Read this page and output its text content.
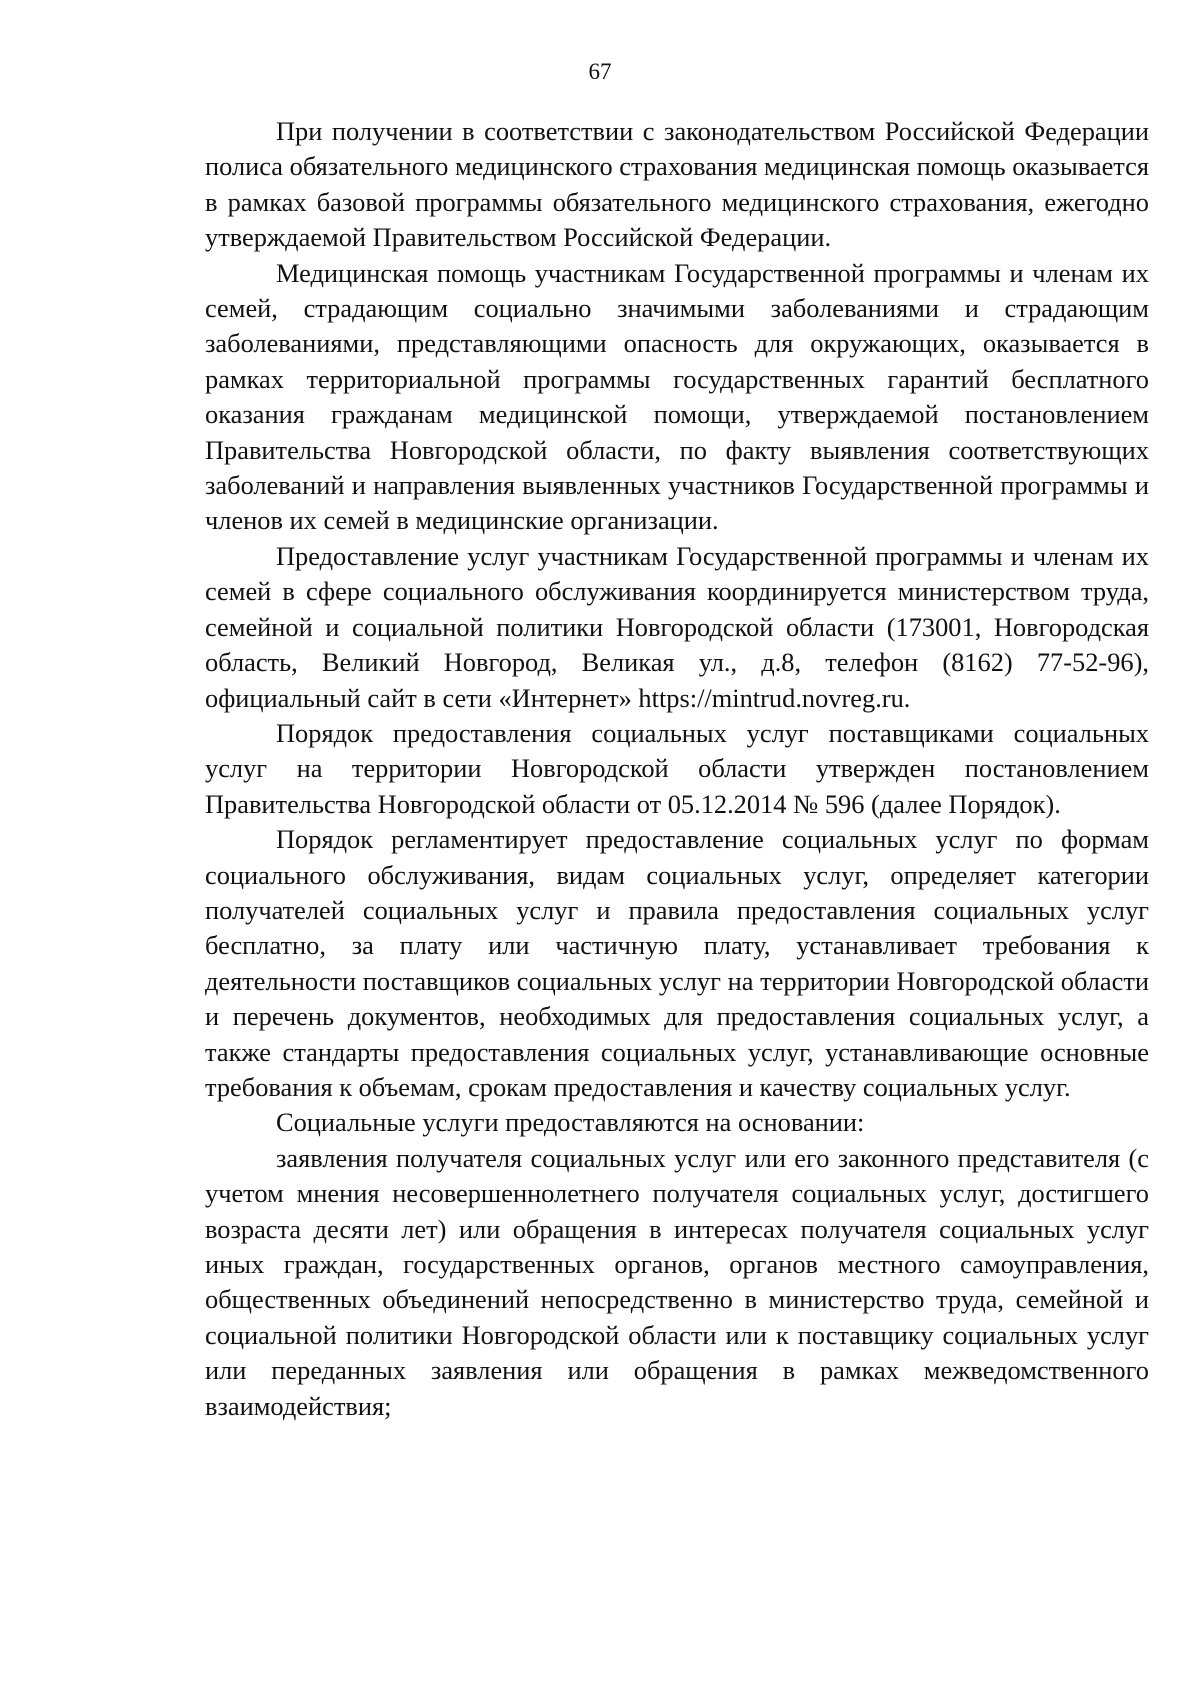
67

При получении в соответствии с законодательством Российской Федерации полиса обязательного медицинского страхования медицинская помощь оказывается в рамках базовой программы обязательного медицинского страхования, ежегодно утверждаемой Правительством Российской Федерации.

Медицинская помощь участникам Государственной программы и членам их семей, страдающим социально значимыми заболеваниями и страдающим заболеваниями, представляющими опасность для окружающих, оказывается в рамках территориальной программы государственных гарантий бесплатного оказания гражданам медицинской помощи, утверждаемой постановлением Правительства Новгородской области, по факту выявления соответствующих заболеваний и направления выявленных участников Государственной программы и членов их семей в медицинские организации.

Предоставление услуг участникам Государственной программы и членам их семей в сфере социального обслуживания координируется министерством труда, семейной и социальной политики Новгородской области (173001, Новгородская область, Великий Новгород, Великая ул., д.8, телефон (8162) 77-52-96), официальный сайт в сети «Интернет» https://mintrud.novreg.ru.

Порядок предоставления социальных услуг поставщиками социальных услуг на территории Новгородской области утвержден постановлением Правительства Новгородской области от 05.12.2014 № 596 (далее Порядок).

Порядок регламентирует предоставление социальных услуг по формам социального обслуживания, видам социальных услуг, определяет категории получателей социальных услуг и правила предоставления социальных услуг бесплатно, за плату или частичную плату, устанавливает требования к деятельности поставщиков социальных услуг на территории Новгородской области и перечень документов, необходимых для предоставления социальных услуг, а также стандарты предоставления социальных услуг, устанавливающие основные требования к объемам, срокам предоставления и качеству социальных услуг.

Социальные услуги предоставляются на основании:

заявления получателя социальных услуг или его законного представителя (с учетом мнения несовершеннолетнего получателя социальных услуг, достигшего возраста десяти лет) или обращения в интересах получателя социальных услуг иных граждан, государственных органов, органов местного самоуправления, общественных объединений непосредственно в министерство труда, семейной и социальной политики Новгородской области или к поставщику социальных услуг или переданных заявления или обращения в рамках межведомственного взаимодействия;
